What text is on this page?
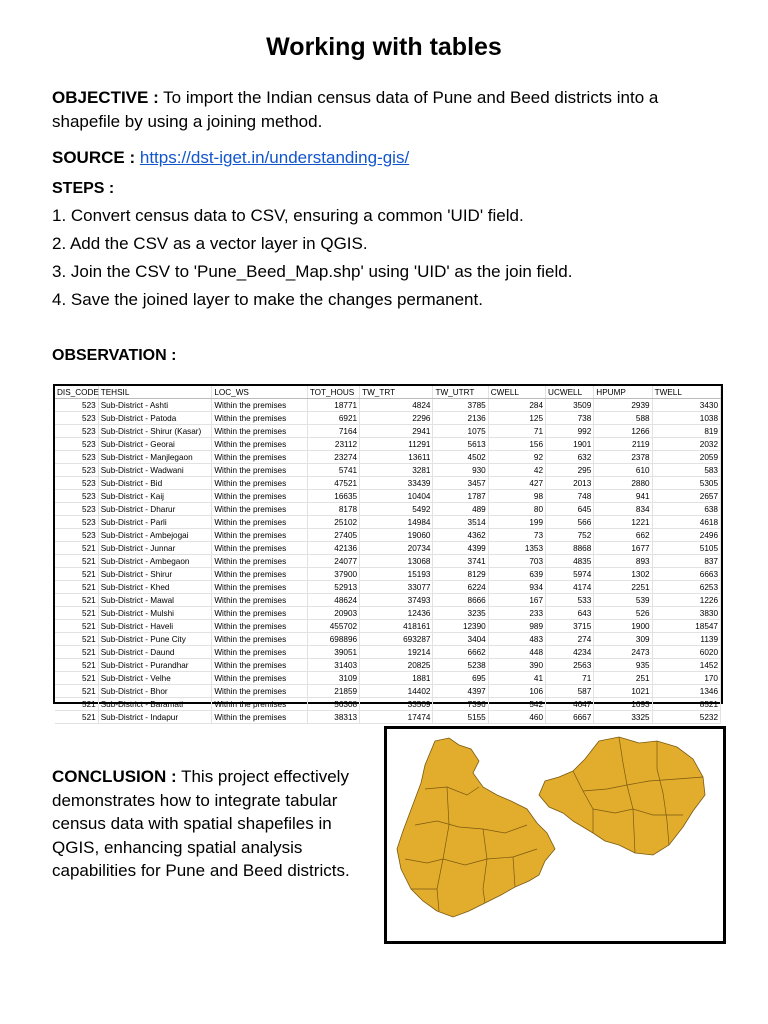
Working with tables

OBJECTIVE : To import the Indian census data of Pune and Beed districts into a shapefile by using a joining method.

SOURCE : https://dst-iget.in/understanding-gis/

STEPS :

1. Convert census data to CSV, ensuring a common 'UID' field.

2. Add the CSV as a vector layer in QGIS.

3. Join the CSV to 'Pune_Beed_Map.shp' using 'UID' as the join field.

4. Save the joined layer to make the changes permanent.

OBSERVATION :

DIS_CODE	TEHSIL	LOC_WS	TOT_HOUS	TW_TRT	TW_UTRT	CWELL	UCWELL	HPUMP	TWELL
523	Sub-District - Ashti	Within the premises	18771	4824	3785	284	3509	2939	3430
523	Sub-District - Patoda	Within the premises	6921	2296	2136	125	738	588	1038
523	Sub-District - Shirur (Kasar)	Within the premises	7164	2941	1075	71	992	1266	819
523	Sub-District - Georai	Within the premises	23112	11291	5613	156	1901	2119	2032
523	Sub-District - Manjlegaon	Within the premises	23274	13611	4502	92	632	2378	2059
523	Sub-District - Wadwani	Within the premises	5741	3281	930	42	295	610	583
523	Sub-District - Bid	Within the premises	47521	33439	3457	427	2013	2880	5305
523	Sub-District - Kaij	Within the premises	16635	10404	1787	98	748	941	2657
523	Sub-District - Dharur	Within the premises	8178	5492	489	80	645	834	638
523	Sub-District - Parli	Within the premises	25102	14984	3514	199	566	1221	4618
523	Sub-District - Ambejogai	Within the premises	27405	19060	4362	73	752	662	2496
521	Sub-District - Junnar	Within the premises	42136	20734	4399	1353	8868	1677	5105
521	Sub-District - Ambegaon	Within the premises	24077	13068	3741	703	4835	893	837
521	Sub-District - Shirur	Within the premises	37900	15193	8129	639	5974	1302	6663
521	Sub-District - Khed	Within the premises	52913	33077	6224	934	4174	2251	6253
521	Sub-District - Mawal	Within the premises	48624	37493	8666	167	533	539	1226
521	Sub-District - Mulshi	Within the premises	20903	12436	3235	233	643	526	3830
521	Sub-District - Haveli	Within the premises	455702	418161	12390	989	3715	1900	18547
521	Sub-District - Pune City	Within the premises	698896	693287	3404	483	274	309	1139
521	Sub-District - Daund	Within the premises	39051	19214	6662	448	4234	2473	6020
521	Sub-District - Purandhar	Within the premises	31403	20825	5238	390	2563	935	1452
521	Sub-District - Velhe	Within the premises	3109	1881	695	41	71	251	170
521	Sub-District - Bhor	Within the premises	21859	14402	4397	106	587	1021	1346
521	Sub-District - Baramati	Within the premises	56308	33509	7396	542	4647	1693	8521
521	Sub-District - Indapur	Within the premises	38313	17474	5155	460	6667	3325	5232

CONCLUSION : This project effectively demonstrates how to integrate tabular census data with spatial shapefiles in QGIS, enhancing spatial analysis capabilities for Pune and Beed districts.
